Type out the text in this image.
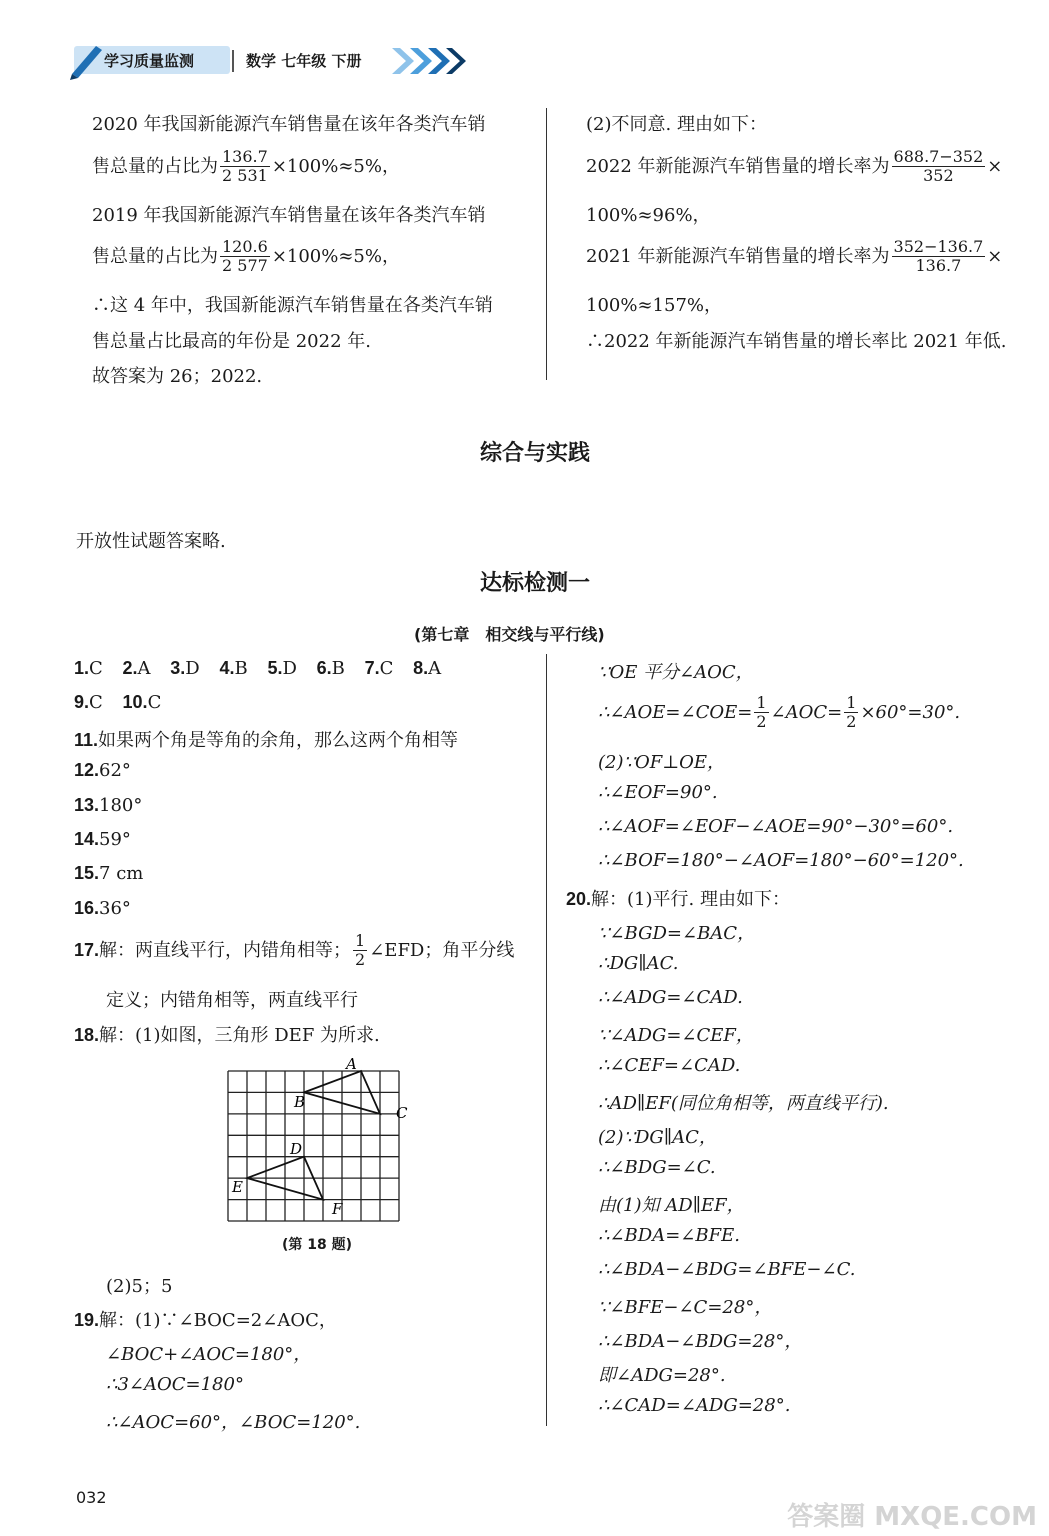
学习质量监测	数学 七年级 下册
2020 年我国新能源汽车销售量在该年各类汽车销
售总量的占比为 $\frac{136.7}{2 531} \times 100\%\approx 5\%$，
2019 年我国新能源汽车销售量在该年各类汽车销
售总量的占比为 $\frac{120.6}{2 577} \times 100\%\approx 5\%$，
∴这 4 年中，我国新能源汽车销售量在各类汽车销
售总量占比最高的年份是 2022 年.
故答案为 26；2022.
(2)不同意. 理由如下：
2022 年新能源汽车销售量的增长率为 $\frac{688.7-352}{352}$ ×
100%≈96%，
2021 年新能源汽车销售量的增长率为 $\frac{352-136.7}{136.7}$ ×
100%≈157%，
∴2022 年新能源汽车销售量的增长率比 2021 年低.
综合与实践
开放性试题答案略.
达标检测一
(第七章　相交线与平行线)
1.C 2.A 3.D 4.B 5.D 6.B 7.C 8.A
9.C 10.C
11.如果两个角是等角的余角，那么这两个角相等
12.62°
13.180°
14.59°
15.7 cm
16.36°
17.解：两直线平行，内错角相等； $\frac{1}{2}$ ∠EFD；角平分线
定义；内错角相等，两直线平行
18.解：(1)如图，三角形 DEF 为所求.
A
B
C
D
E
F
(第 18 题)
(2)5；5
19.解：(1)∵∠BOC=2∠AOC，
∠BOC+∠AOC=180°，
∴3∠AOC=180°
∴∠AOC=60°，∠BOC=120°.
∵OE 平分∠AOC，
∴∠AOE=∠COE= $\frac{1}{2}$ ∠AOC= $\frac{1}{2} \times 60^\circ=30^\circ$.
(2)∵OF⊥OE，
∴∠EOF=90°.
∴∠AOF=∠EOF−∠AOE=90°−30°=60°.
∴∠BOF=180°−∠AOF=180°−60°=120°.
20.解：(1)平行. 理由如下：
∵∠BGD=∠BAC，
∴DG∥AC.
∴∠ADG=∠CAD.
∵∠ADG=∠CEF，
∴∠CEF=∠CAD.
∴AD∥EF(同位角相等，两直线平行).
(2)∵DG∥AC，
∴∠BDG=∠C.
由(1)知 AD∥EF，
∴∠BDA=∠BFE.
∴∠BDA−∠BDG=∠BFE−∠C.
∵∠BFE−∠C=28°，
∴∠BDA−∠BDG=28°，
即∠ADG=28°.
∴∠CAD=∠ADG=28°.
032
答案圈 MXQE.COM
